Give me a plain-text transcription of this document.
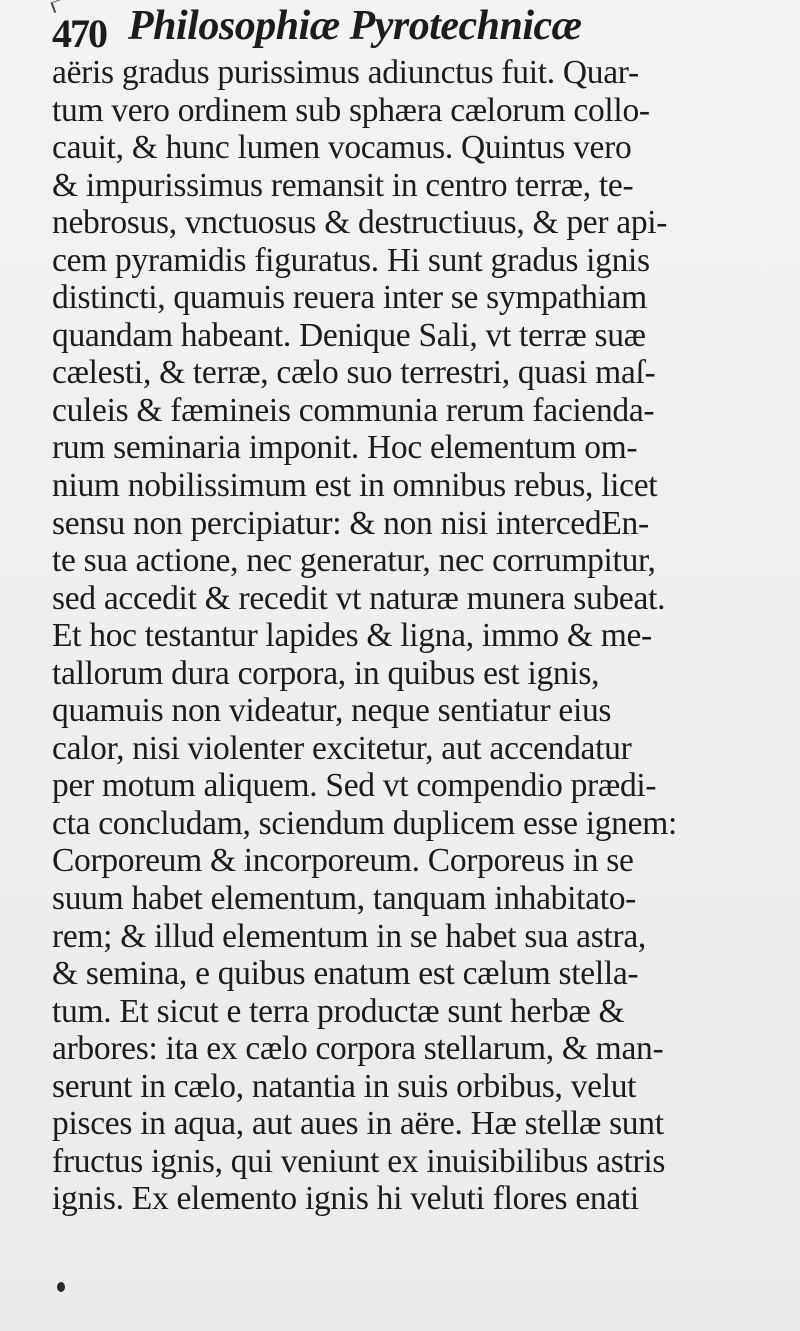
470 Philosophiæ Pyrotechnicæ
aëris gradus purissimus adiunctus fuit. Quar-
tum vero ordinem sub sphæra cælorum collo-
cauit, & hunc lumen vocamus. Quintus vero
& impurissimus remansit in centro terræ, te-
nebrosus, vnctuosus & destructiuus, & per api-
cem pyramidis figuratus. Hi sunt gradus ignis
distincti, quamuis reuera inter se sympathiam
quandam habeant. Denique Sali, vt terræ suæ
cælesti, & terræ, cælo suo terrestri, quasi maſ-
culeis & fæmineis communia rerum facienda-
rum seminaria imponit. Hoc elementum om-
nium nobilissimum est in omnibus rebus, licet
sensu non percipiatur: & non nisi intercedEn-
te sua actione, nec generatur, nec corrumpitur,
sed accedit & recedit vt naturæ munera subeat.
Et hoc testantur lapides & ligna, immo & me-
tallorum dura corpora, in quibus est ignis,
quamuis non videatur, neque sentiatur eius
calor, nisi violenter excitetur, aut accendatur
per motum aliquem. Sed vt compendio prædi-
cta concludam, sciendum duplicem esse ignem:
Corporeum & incorporeum. Corporeus in se
suum habet elementum, tanquam inhabitato-
rem; & illud elementum in se habet sua astra,
& semina, e quibus enatum est cælum stella-
tum. Et sicut e terra productæ sunt herbæ &
arbores: ita ex cælo corpora stellarum, & man-
serunt in cælo, natantia in suis orbibus, velut
pisces in aqua, aut aues in aëre. Hæ stellæ sunt
fructus ignis, qui veniunt ex inuisibilibus astris
ignis. Ex elemento ignis hi veluti flores enati
